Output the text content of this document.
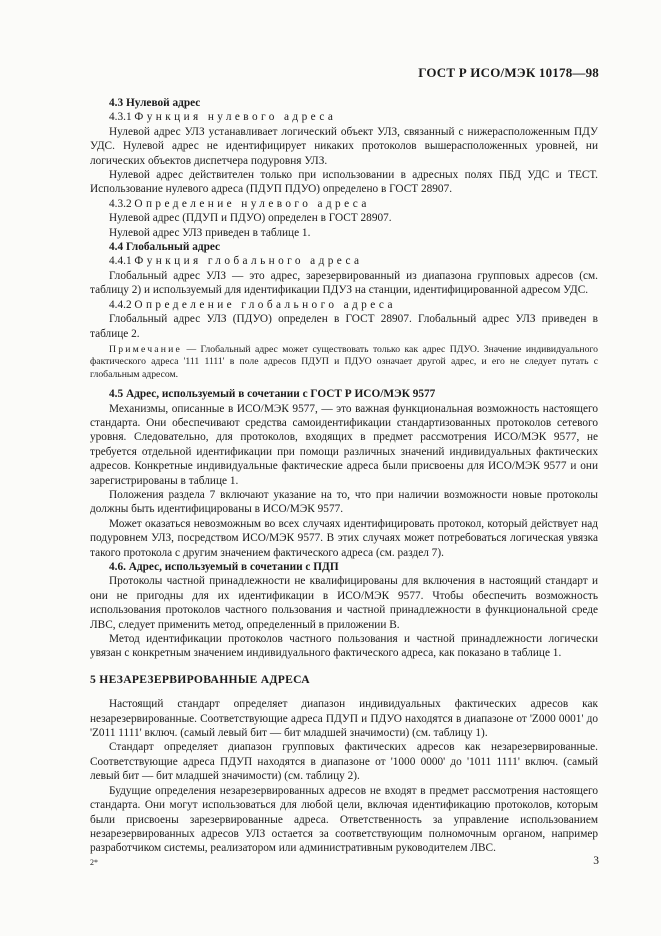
ГОСТ Р ИСО/МЭК 10178—98

4.3 Нулевой адрес

4.3.1 Функция нулевого адреса

Нулевой адрес УЛЗ устанавливает логический объект УЛЗ, связанный с нижерасположенным ПДУ УДС. Нулевой адрес не идентифицирует никаких протоколов вышерасположенных уровней, ни логических объектов диспетчера подуровня УЛЗ.

Нулевой адрес действителен только при использовании в адресных полях ПБД УДС и ТЕСТ. Использование нулевого адреса (ПДУП ПДУО) определено в ГОСТ 28907.

4.3.2 Определение нулевого адреса

Нулевой адрес (ПДУП и ПДУО) определен в ГОСТ 28907.

Нулевой адрес УЛЗ приведен в таблице 1.

4.4 Глобальный адрес

4.4.1 Функция глобального адреса

Глобальный адрес УЛЗ — это адрес, зарезервированный из диапазона групповых адресов (см. таблицу 2) и используемый для идентификации ПДУЗ на станции, идентифицированной адресом УДС.

4.4.2 Определение глобального адреса

Глобальный адрес УЛЗ (ПДУО) определен в ГОСТ 28907. Глобальный адрес УЛЗ приведен в таблице 2.

Примечание — Глобальный адрес может существовать только как адрес ПДУО. Значение индивидуального фактического адреса '111 1111' в поле адресов ПДУП и ПДУО означает другой адрес, и его не следует путать с глобальным адресом.

4.5 Адрес, используемый в сочетании с ГОСТ Р ИСО/МЭК 9577

Механизмы, описанные в ИСО/МЭК 9577, — это важная функциональная возможность настоящего стандарта. Они обеспечивают средства самоидентификации стандартизованных протоколов сетевого уровня. Следовательно, для протоколов, входящих в предмет рассмотрения ИСО/МЭК 9577, не требуется отдельной идентификации при помощи различных значений индивидуальных фактических адресов. Конкретные индивидуальные фактические адреса были присвоены для ИСО/МЭК 9577 и они зарегистрированы в таблице 1.

Положения раздела 7 включают указание на то, что при наличии возможности новые протоколы должны быть идентифицированы в ИСО/МЭК 9577.

Может оказаться невозможным во всех случаях идентифицировать протокол, который действует над подуровнем УЛЗ, посредством ИСО/МЭК 9577. В этих случаях может потребоваться логическая увязка такого протокола с другим значением фактического адреса (см. раздел 7).

4.6. Адрес, используемый в сочетании с ПДП

Протоколы частной принадлежности не квалифицированы для включения в настоящий стандарт и они не пригодны для их идентификации в ИСО/МЭК 9577. Чтобы обеспечить возможность использования протоколов частного пользования и частной принадлежности в функциональной среде ЛВС, следует применить метод, определенный в приложении В.

Метод идентификации протоколов частного пользования и частной принадлежности логически увязан с конкретным значением индивидуального фактического адреса, как показано в таблице 1.

5 НЕЗАРЕЗЕРВИРОВАННЫЕ АДРЕСА

Настоящий стандарт определяет диапазон индивидуальных фактических адресов как незарезервированные. Соответствующие адреса ПДУП и ПДУО находятся в диапазоне от 'Z000 0001' до 'Z011 1111' включ. (самый левый бит — бит младшей значимости) (см. таблицу 1).

Стандарт определяет диапазон групповых фактических адресов как незарезервированные. Соответствующие адреса ПДУП находятся в диапазоне от '1000 0000' до '1011 1111' включ. (самый левый бит — бит младшей значимости) (см. таблицу 2).

Будущие определения незарезервированных адресов не входят в предмет рассмотрения настоящего стандарта. Они могут использоваться для любой цели, включая идентификацию протоколов, которым были присвоены зарезервированные адреса. Ответственность за управление использованием незарезервированных адресов УЛЗ остается за соответствующим полномочным органом, например разработчиком системы, реализатором или административным руководителем ЛВС.

2*	3
